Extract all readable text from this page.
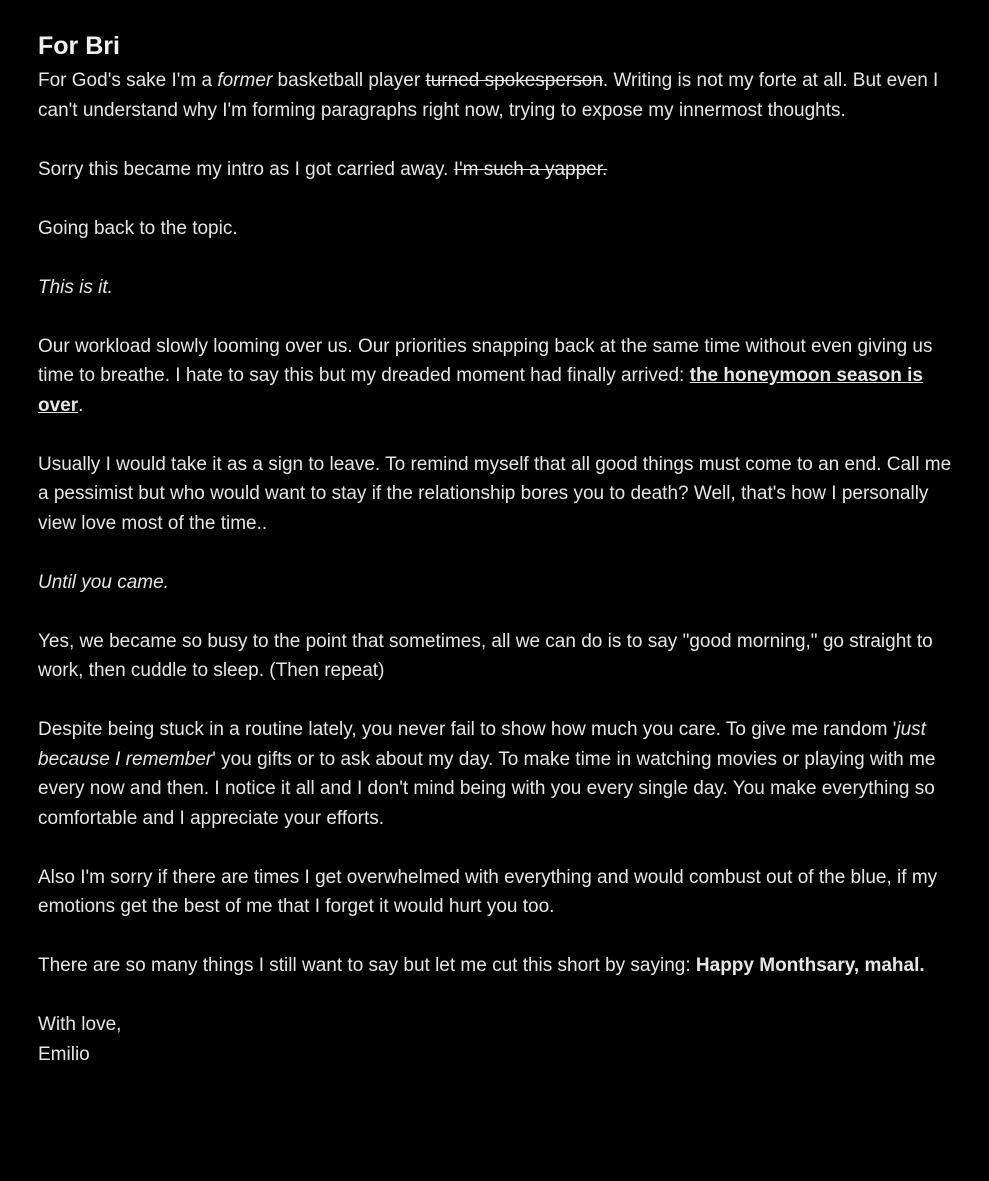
For Bri

For God's sake I'm a former basketball player turned spokesperson. Writing is not my forte at all. But even I can't understand why I'm forming paragraphs right now, trying to expose my innermost thoughts.

Sorry this became my intro as I got carried away. I'm such a yapper.

Going back to the topic.

This is it.

Our workload slowly looming over us. Our priorities snapping back at the same time without even giving us time to breathe. I hate to say this but my dreaded moment had finally arrived: the honeymoon season is over.

Usually I would take it as a sign to leave. To remind myself that all good things must come to an end. Call me a pessimist but who would want to stay if the relationship bores you to death? Well, that's how I personally view love most of the time..

Until you came.

Yes, we became so busy to the point that sometimes, all we can do is to say "good morning," go straight to work, then cuddle to sleep. (Then repeat)

Despite being stuck in a routine lately, you never fail to show how much you care. To give me random 'just because I remember' you gifts or to ask about my day. To make time in watching movies or playing with me every now and then. I notice it all and I don't mind being with you every single day. You make everything so comfortable and I appreciate your efforts.

Also I'm sorry if there are times I get overwhelmed with everything and would combust out of the blue, if my emotions get the best of me that I forget it would hurt you too.

There are so many things I still want to say but let me cut this short by saying: Happy Monthsary, mahal.

With love,
Emilio
